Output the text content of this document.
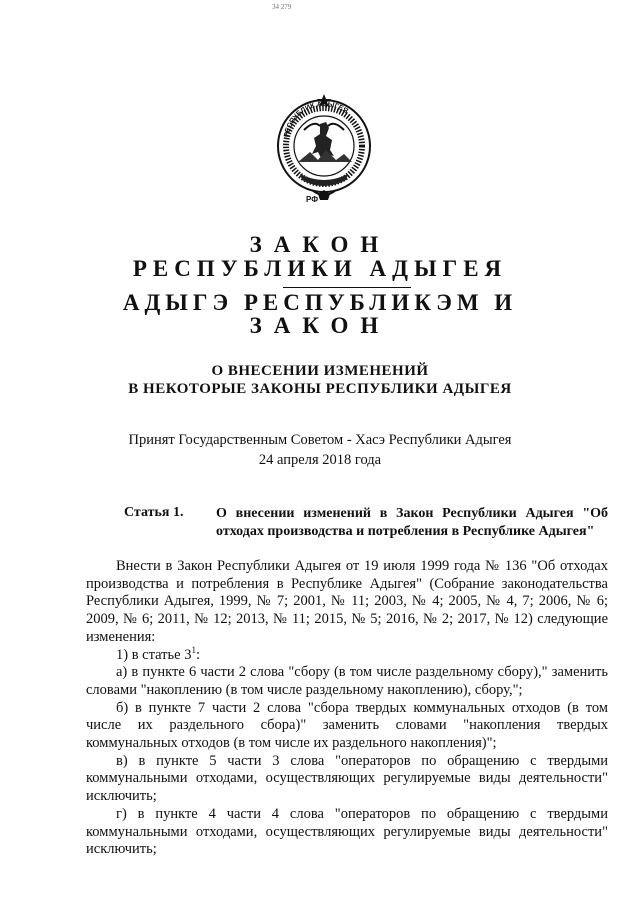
34 279
РЕСПУБЛИК АДЫГЕЯ
РФ
ЗАКОН
РЕСПУБЛИКИ АДЫГЕЯ
АДЫГЭ РЕСПУБЛИКЭМ И
ЗАКОН
О ВНЕСЕНИИ ИЗМЕНЕНИЙ
В НЕКОТОРЫЕ ЗАКОНЫ РЕСПУБЛИКИ АДЫГЕЯ
Принят Государственным Советом - Хасэ Республики Адыгея
24 апреля 2018 года
Статья 1. О внесении изменений в Закон Республики Адыгея "Об отходах производства и потребления в Республике Адыгея"

Внести в Закон Республики Адыгея от 19 июля 1999 года № 136 "Об отходах производства и потребления в Республике Адыгея" (Собрание законодательства Республики Адыгея, 1999, № 7; 2001, № 11; 2003, № 4; 2005, № 4, 7; 2006, № 6; 2009, № 6; 2011, № 12; 2013, № 11; 2015, № 5; 2016, № 2; 2017, № 12) следующие изменения:

1) в статье $3^1$:

а) в пункте 6 части 2 слова "сбору (в том числе раздельному сбору)," заменить словами "накоплению (в том числе раздельному накоплению), сбору,";

б) в пункте 7 части 2 слова "сбора твердых коммунальных отходов (в том числе их раздельного сбора)" заменить словами "накопления твердых коммунальных отходов (в том числе их раздельного накопления)";

в) в пункте 5 части 3 слова "операторов по обращению с твердыми коммунальными отходами, осуществляющих регулируемые виды деятельности" исключить;

г) в пункте 4 части 4 слова "операторов по обращению с твердыми коммунальными отходами, осуществляющих регулируемые виды деятельности" исключить;
